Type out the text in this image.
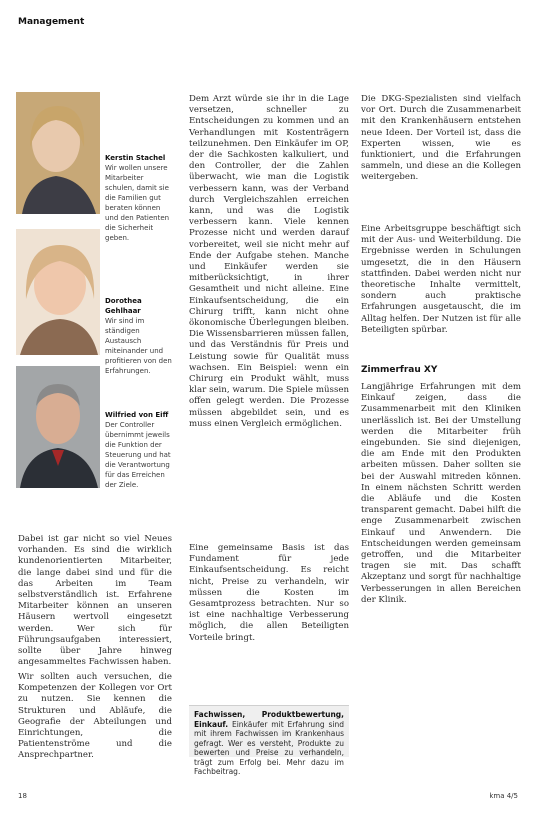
Management
Kerstin Stachel
Wir wollen unsere Mitarbeiter schulen, damit sie die Familien gut beraten können und den Patienten die Sicherheit geben.
Dorothea Gehlhaar
Wir sind im ständigen Austausch miteinander und profitieren von den Erfahrungen.
Wilfried von Eiff
Der Controller übernimmt jeweils die Funktion der Steuerung und hat die Verantwortung für das Erreichen der Ziele.
Dabei ist gar nicht so viel Neues vorhanden. Es sind die wirklich kundenorientierten Mitarbeiter, die lange dabei sind und für die das Arbeiten im Team selbstverständlich ist. Erfahrene Mitarbeiter können an unseren Häusern wertvoll eingesetzt werden. Wer sich für Führungsaufgaben interessiert, sollte über Jahre hinweg angesammeltes Fachwissen haben.
Wir sollten auch versuchen, die Kompetenzen der Kollegen vor Ort zu nutzen. Sie kennen die Strukturen und Abläufe, die Geografie der Abteilungen und Einrichtungen, die Patientenströme und die Ansprechpartner.
Dem Arzt würde sie ihr in die Lage versetzen, schneller zu Entscheidungen zu kommen und an Verhandlungen mit Kostenträgern teilzunehmen. Den Einkäufer im OP, der die Sachkosten kalkuliert, und den Controller, der die Zahlen überwacht, wie man die Logistik verbessern kann, was der Verband durch Vergleichszahlen erreichen kann, und was die Logistik verbessern kann. Viele kennen Prozesse nicht und werden darauf vorbereitet, weil sie nicht mehr auf Ende der Aufgabe stehen. Manche und Einkäufer werden sie mitberücksichtigt, in ihrer Gesamtheit und nicht alleine. Eine Einkaufsentscheidung, die ein Chirurg trifft, kann nicht ohne ökonomische Überlegungen bleiben. Die Wissensbarrieren müssen fallen, und das Verständnis für Preis und Leistung sowie für Qualität muss wachsen. Ein Beispiel: wenn ein Chirurg ein Produkt wählt, muss klar sein, warum. Die Spiele müssen offen gelegt werden. Die Prozesse müssen abgebildet sein, und es muss einen Vergleich ermöglichen.
Eine gemeinsame Basis ist das Fundament für jede Einkaufsentscheidung. Es reicht nicht, Preise zu verhandeln, wir müssen die Kosten im Gesamtprozess betrachten. Nur so ist eine nachhaltige Verbesserung möglich, die allen Beteiligten Vorteile bringt.
Die DKG-Spezialisten sind vielfach vor Ort. Durch die Zusammenarbeit mit den Krankenhäusern entstehen neue Ideen. Der Vorteil ist, dass die Experten wissen, wie es funktioniert, und die Erfahrungen sammeln, und diese an die Kollegen weitergeben.
Eine Arbeitsgruppe beschäftigt sich mit der Aus- und Weiterbildung. Die Ergebnisse werden in Schulungen umgesetzt, die in den Häusern stattfinden. Dabei werden nicht nur theoretische Inhalte vermittelt, sondern auch praktische Erfahrungen ausgetauscht, die im Alltag helfen. Der Nutzen ist für alle Beteiligten spürbar.
Zimmerfrau XY
Langjährige Erfahrungen mit dem Einkauf zeigen, dass die Zusammenarbeit mit den Kliniken unerlässlich ist. Bei der Umstellung werden die Mitarbeiter früh eingebunden. Sie sind diejenigen, die am Ende mit den Produkten arbeiten müssen. Daher sollten sie bei der Auswahl mitreden können. In einem nächsten Schritt werden die Abläufe und die Kosten transparent gemacht. Dabei hilft die enge Zusammenarbeit zwischen Einkauf und Anwendern. Die Entscheidungen werden gemeinsam getroffen, und die Mitarbeiter tragen sie mit. Das schafft Akzeptanz und sorgt für nachhaltige Verbesserungen in allen Bereichen der Klinik.
Fachwissen, Produktbewertung, Einkauf. Einkäufer mit Erfahrung sind mit ihrem Fachwissen im Krankenhaus gefragt. Wer es versteht, Produkte zu bewerten und Preise zu verhandeln, trägt zum Erfolg bei. Mehr dazu im Fachbeitrag.
18	kma 4/5
